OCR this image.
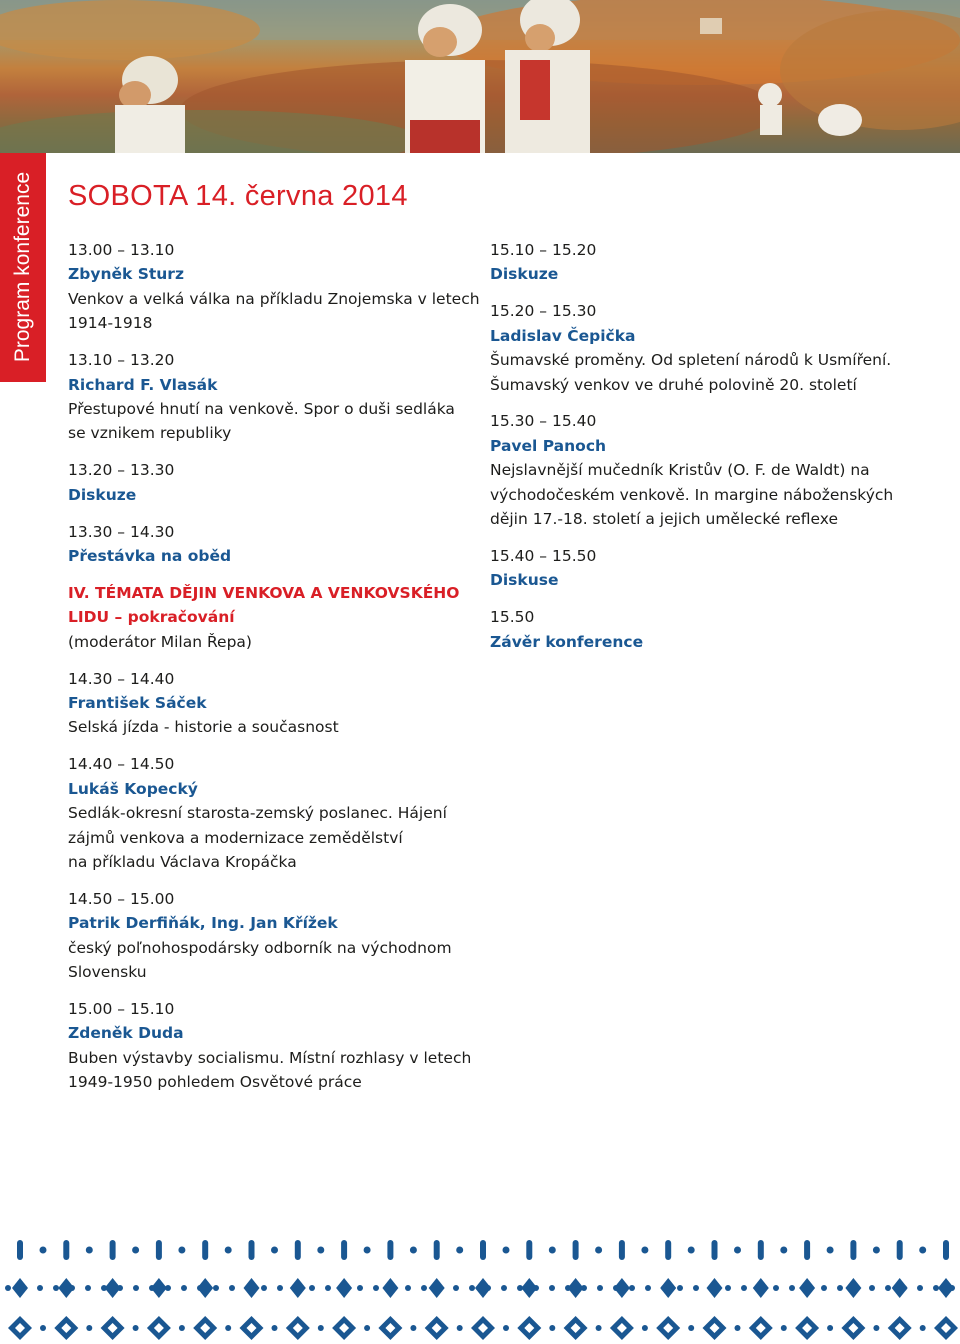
Program konference SOBOTA 14. června 2014
13.00 – 13.10
Zbyněk Sturz
Venkov a velká válka na příkladu Znojemska v letech
1914-1918
13.10 – 13.20
Richard F. Vlasák
Přestupové hnutí na venkově. Spor o duši sedláka
se vznikem republiky
13.20 – 13.30
Diskuze
13.30 – 14.30
Přestávka na oběd
IV. TÉMATA DĚJIN VENKOVA A VENKOVSKÉHO
LIDU – pokračování
(moderátor Milan Řepa)
14.30 – 14.40
František Sáček
Selská jízda - historie a současnost
14.40 – 14.50
Lukáš Kopecký
Sedlák-okresní starosta-zemský poslanec. Hájení
zájmů venkova a modernizace zemědělství
na příkladu Václava Kropáčka
14.50 – 15.00
Patrik Derfiňák, Ing. Jan Křížek
český poľnohospodársky odborník na východnom
Slovensku
15.00 – 15.10
Zdeněk Duda
Buben výstavby socialismu. Místní rozhlasy v letech
1949-1950 pohledem Osvětové práce
15.10 – 15.20
Diskuze
15.20 – 15.30
Ladislav Čepička
Šumavské proměny. Od spletení národů k Usmíření.
Šumavský venkov ve druhé polovině 20. století
15.30 – 15.40
Pavel Panoch
Nejslavnější mučedník Kristův (O. F. de Waldt) na
východočeském venkově. In margine náboženských
dějin 17.-18. století a jejich umělecké reflexe
15.40 – 15.50
Diskuse
15.50
Závěr konference
